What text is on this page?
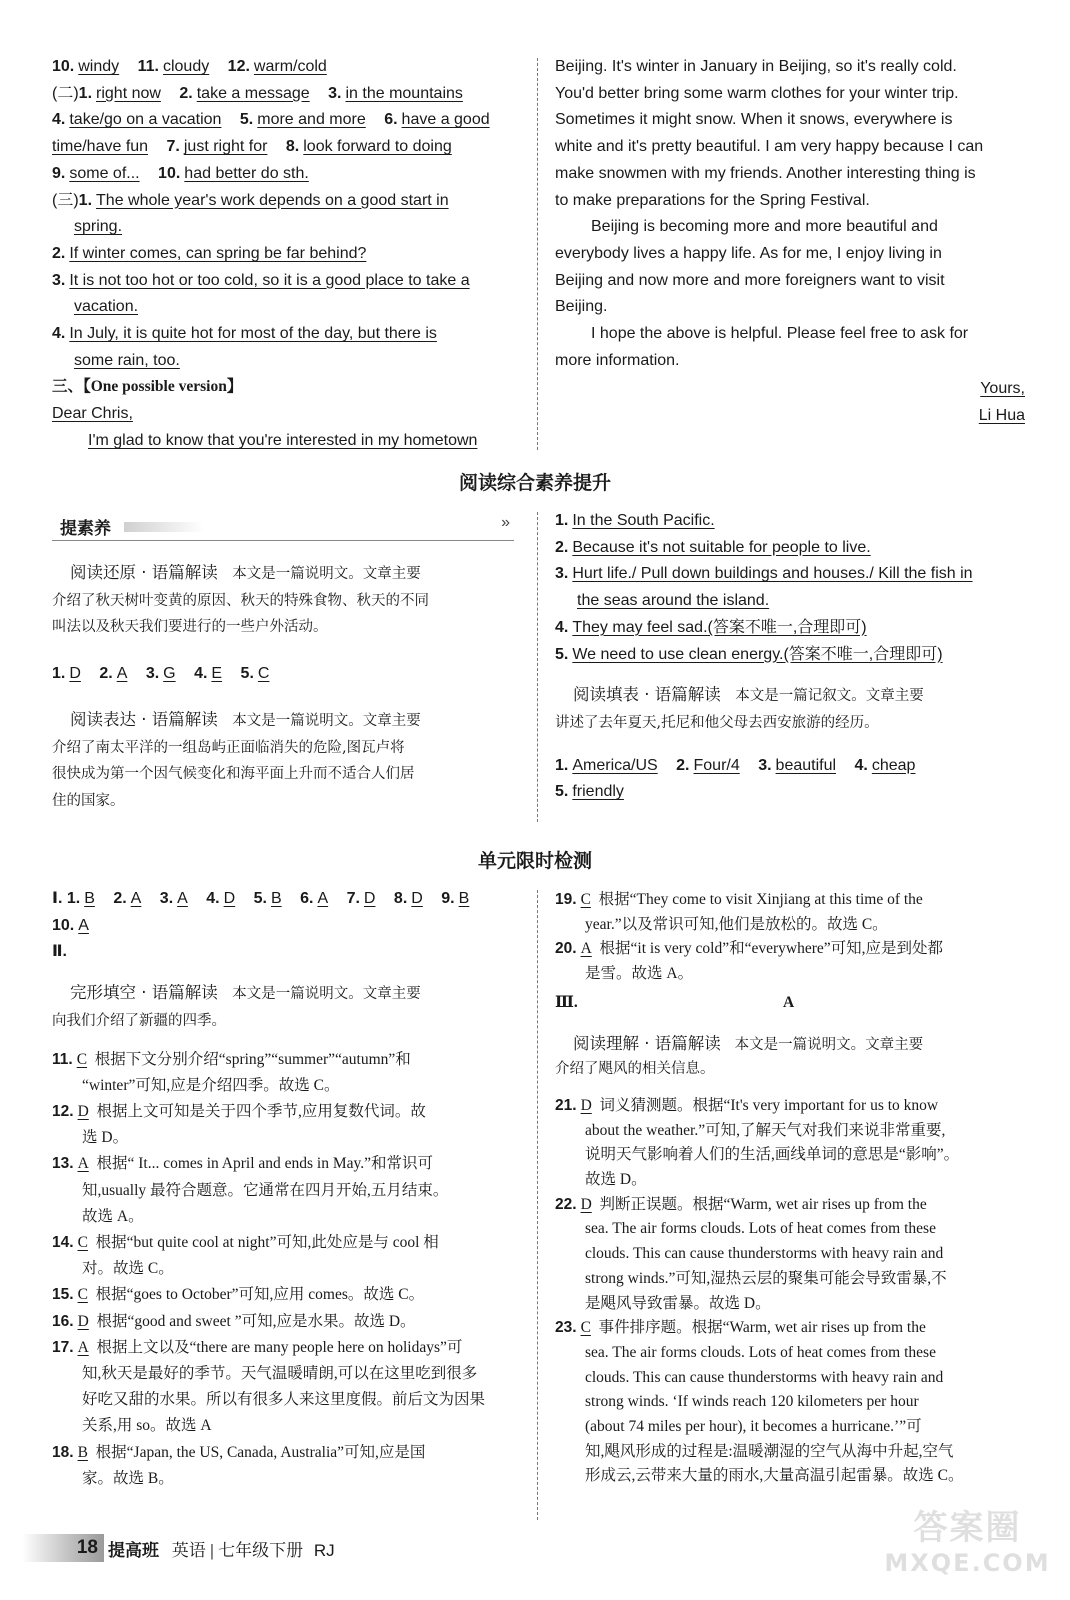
10. windy 11. cloudy 12. warm/cold
(二)1. right now 2. take a message 3. in the mountains
4. take/go on a vacation 5. more and more 6. have a good
time/have fun 7. just right for 8. look forward to doing
9. some of... 10. had better do sth.
(三)1. The whole year's work depends on a good start in
spring.
2. If winter comes, can spring be far behind?
3. It is not too hot or too cold, so it is a good place to take a
vacation.
4. In July, it is quite hot for most of the day, but there is
some rain, too.
三、【One possible version】
Dear Chris,
I'm glad to know that you're interested in my hometown
Beijing. It's winter in January in Beijing, so it's really cold.
You'd better bring some warm clothes for your winter trip.
Sometimes it might snow. When it snows, everywhere is
white and it's pretty beautiful. I am very happy because I can
make snowmen with my friends. Another interesting thing is
to make preparations for the Spring Festival.
Beijing is becoming more and more beautiful and
everybody lives a happy life. As for me, I enjoy living in
Beijing and now more and more foreigners want to visit
Beijing.
I hope the above is helpful. Please feel free to ask for
more information.
Yours,
Li Hua
阅读综合素养提升
提素养	»
阅读还原 · 语篇解读 本文是一篇说明文。文章主要
介绍了秋天树叶变黄的原因、秋天的特殊食物、秋天的不同
叫法以及秋天我们要进行的一些户外活动。
1. D 2. A 3. G 4. E 5. C
阅读表达 · 语篇解读 本文是一篇说明文。文章主要
介绍了南太平洋的一组岛屿正面临消失的危险,图瓦卢将
很快成为第一个因气候变化和海平面上升而不适合人们居
住的国家。
1. In the South Pacific.
2. Because it's not suitable for people to live.
3. Hurt life./ Pull down buildings and houses./ Kill the fish in
the seas around the island.
4. They may feel sad.(答案不唯一,合理即可)
5. We need to use clean energy.(答案不唯一,合理即可)
阅读填表 · 语篇解读 本文是一篇记叙文。文章主要
讲述了去年夏天,托尼和他父母去西安旅游的经历。
1. America/US 2. Four/4 3. beautiful 4. cheap
5. friendly
单元限时检测
Ⅰ. 1. B 2. A 3. A 4. D 5. B 6. A 7. D 8. D 9. B
10. A
Ⅱ.
完形填空 · 语篇解读 本文是一篇说明文。文章主要
向我们介绍了新疆的四季。
11. C 根据下文分别介绍“spring”“summer”“autumn”和
“winter”可知,应是介绍四季。故选 C。
12. D 根据上文可知是关于四个季节,应用复数代词。故
选 D。
13. A 根据“ It... comes in April and ends in May.”和常识可
知,usually 最符合题意。它通常在四月开始,五月结束。
故选 A。
14. C 根据“but quite cool at night”可知,此处应是与 cool 相
对。故选 C。
15. C 根据“goes to October”可知,应用 comes。故选 C。
16. D 根据“good and sweet ”可知,应是水果。故选 D。
17. A 根据上文以及“there are many people here on holidays”可
知,秋天是最好的季节。天气温暖晴朗,可以在这里吃到很多
好吃又甜的水果。所以有很多人来这里度假。前后文为因果
关系,用 so。故选 A
18. B 根据“Japan, the US, Canada, Australia”可知,应是国
家。故选 B。
19. C 根据“They come to visit Xinjiang at this time of the
year.”以及常识可知,他们是放松的。故选 C。
20. A 根据“it is very cold”和“everywhere”可知,应是到处都
是雪。故选 A。
Ⅲ.	A
阅读理解 · 语篇解读 本文是一篇说明文。文章主要
介绍了飓风的相关信息。
21. D 词义猜测题。根据“It's very important for us to know
about the weather.”可知,了解天气对我们来说非常重要,
说明天气影响着人们的生活,画线单词的意思是“影响”。
故选 D。
22. D 判断正误题。根据“Warm, wet air rises up from the
sea. The air forms clouds. Lots of heat comes from these
clouds. This can cause thunderstorms with heavy rain and
strong winds.”可知,湿热云层的聚集可能会导致雷暴,不
是飓风导致雷暴。故选 D。
23. C 事件排序题。根据“Warm, wet air rises up from the
sea. The air forms clouds. Lots of heat comes from these
clouds. This can cause thunderstorms with heavy rain and
strong winds. ‘If winds reach 120 kilometers per hour
(about 74 miles per hour), it becomes a hurricane.’”可
知,飓风形成的过程是:温暖潮湿的空气从海中升起,空气
形成云,云带来大量的雨水,大量高温引起雷暴。故选 C。
18 提高班 英语 | 七年级下册 RJ
答案圈
MXQE.COM
